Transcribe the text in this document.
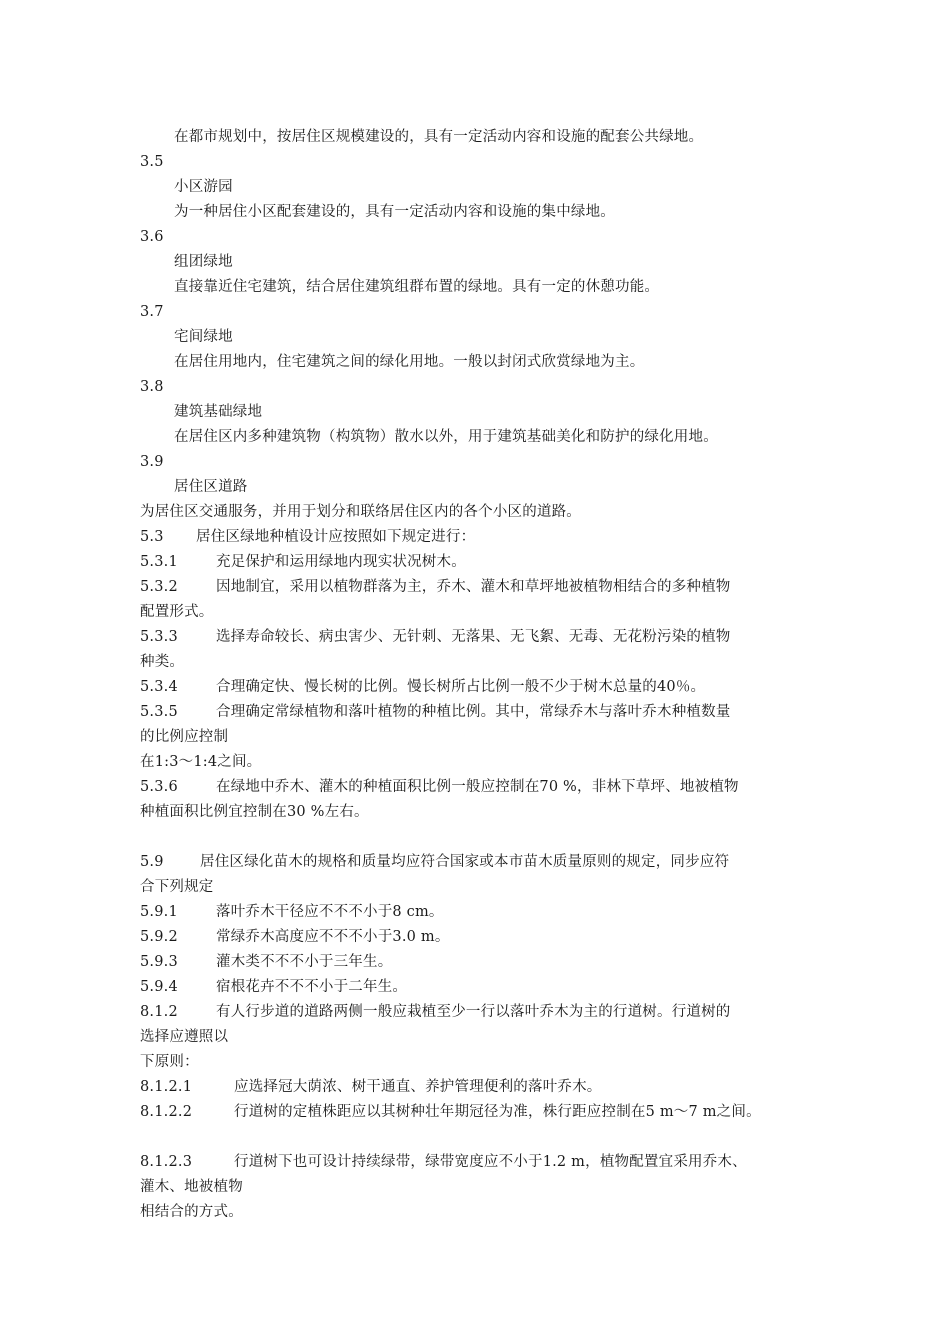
在都市规划中，按居住区规模建设的，具有一定活动内容和设施的配套公共绿地。
3.5
小区游园
为一种居住小区配套建设的，具有一定活动内容和设施的集中绿地。
3.6
组团绿地
直接靠近住宅建筑，结合居住建筑组群布置的绿地。具有一定的休憩功能。
3.7
宅间绿地
在居住用地内，住宅建筑之间的绿化用地。一般以封闭式欣赏绿地为主。
3.8
建筑基础绿地
在居住区内多种建筑物（构筑物）散水以外，用于建筑基础美化和防护的绿化用地。
3.9
居住区道路
为居住区交通服务，并用于划分和联络居住区内的各个小区的道路。
5.3 居住区绿地种植设计应按照如下规定进行：
5.3.1	充足保护和运用绿地内现实状况树木。
5.3.2	因地制宜，采用以植物群落为主，乔木、灌木和草坪地被植物相结合的多种植物
配置形式。
5.3.3	选择寿命较长、病虫害少、无针刺、无落果、无飞絮、无毒、无花粉污染的植物
种类。
5.3.4	合理确定快、慢长树的比例。慢长树所占比例一般不少于树木总量的40％。
5.3.5	合理确定常绿植物和落叶植物的种植比例。其中，常绿乔木与落叶乔木种植数量
的比例应控制
在1:3～1:4之间。
5.3.6	在绿地中乔木、灌木的种植面积比例一般应控制在70 %，非林下草坪、地被植物
种植面积比例宜控制在30 %左右。
5.9	居住区绿化苗木的规格和质量均应符合国家或本市苗木质量原则的规定，同步应符
合下列规定
5.9.1	落叶乔木干径应不不不小于8 cm。
5.9.2	常绿乔木高度应不不不小于3.0 m。
5.9.3	灌木类不不不小于三年生。
5.9.4	宿根花卉不不不小于二年生。
8.1.2	有人行步道的道路两侧一般应栽植至少一行以落叶乔木为主的行道树。行道树的
选择应遵照以
下原则：
8.1.2.1	应选择冠大荫浓、树干通直、养护管理便利的落叶乔木。
8.1.2.2	行道树的定植株距应以其树种壮年期冠径为准，株行距应控制在5 m～7 m之间。
8.1.2.3	行道树下也可设计持续绿带，绿带宽度应不小于1.2 m，植物配置宜采用乔木、
灌木、地被植物
相结合的方式。
